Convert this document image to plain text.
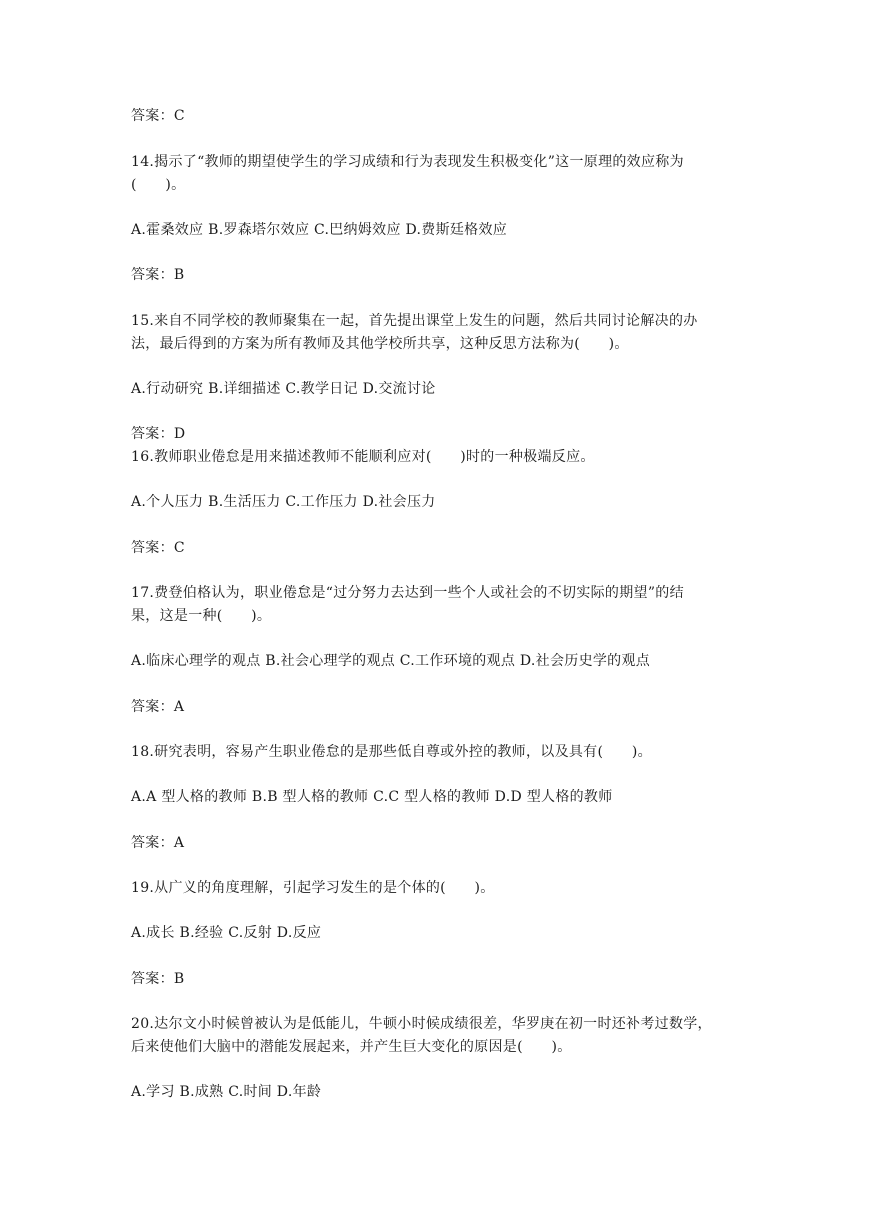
答案：C
14.揭示了“教师的期望使学生的学习成绩和行为表现发生积极变化”这一原理的效应称为
(　　)。
A.霍桑效应 B.罗森塔尔效应 C.巴纳姆效应 D.费斯廷格效应
答案：B
15.来自不同学校的教师聚集在一起，首先提出课堂上发生的问题，然后共同讨论解决的办
法，最后得到的方案为所有教师及其他学校所共享，这种反思方法称为(　　)。
A.行动研究 B.详细描述 C.教学日记 D.交流讨论
答案：D
16.教师职业倦怠是用来描述教师不能顺利应对(　　)时的一种极端反应。
A.个人压力 B.生活压力 C.工作压力 D.社会压力
答案：C
17.费登伯格认为，职业倦怠是“过分努力去达到一些个人或社会的不切实际的期望”的结
果，这是一种(　　)。
A.临床心理学的观点 B.社会心理学的观点 C.工作环境的观点 D.社会历史学的观点
答案：A
18.研究表明，容易产生职业倦怠的是那些低自尊或外控的教师，以及具有(　　)。
A.A 型人格的教师 B.B 型人格的教师 C.C 型人格的教师 D.D 型人格的教师
答案：A
19.从广义的角度理解，引起学习发生的是个体的(　　)。
A.成长 B.经验 C.反射 D.反应
答案：B
20.达尔文小时候曾被认为是低能儿，牛顿小时候成绩很差，华罗庚在初一时还补考过数学，
后来使他们大脑中的潜能发展起来，并产生巨大变化的原因是(　　)。
A.学习 B.成熟 C.时间 D.年龄
